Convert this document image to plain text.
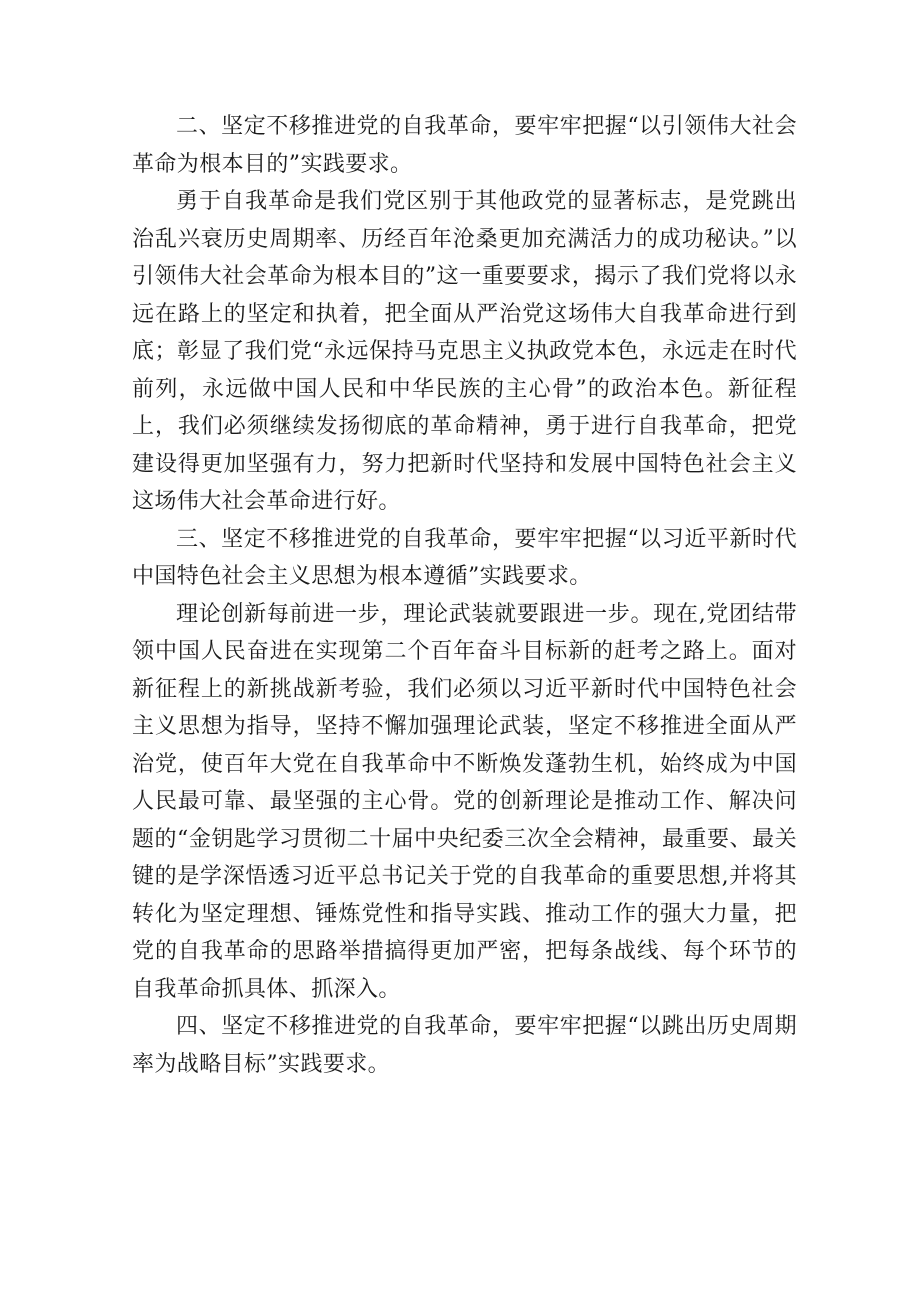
二、坚定不移推进党的自我革命，要牢牢把握“以引领伟大社会革命为根本目的”实践要求。

勇于自我革命是我们党区别于其他政党的显著标志，是党跳出治乱兴衰历史周期率、历经百年沧桑更加充满活力的成功秘诀。”以引领伟大社会革命为根本目的”这一重要要求，揭示了我们党将以永远在路上的坚定和执着，把全面从严治党这场伟大自我革命进行到底；彰显了我们党“永远保持马克思主义执政党本色，永远走在时代前列，永远做中国人民和中华民族的主心骨”的政治本色。新征程上，我们必须继续发扬彻底的革命精神，勇于进行自我革命，把党建设得更加坚强有力，努力把新时代坚持和发展中国特色社会主义这场伟大社会革命进行好。

三、坚定不移推进党的自我革命，要牢牢把握“以习近平新时代中国特色社会主义思想为根本遵循”实践要求。

理论创新每前进一步，理论武装就要跟进一步。现在,党团结带领中国人民奋进在实现第二个百年奋斗目标新的赶考之路上。面对新征程上的新挑战新考验，我们必须以习近平新时代中国特色社会主义思想为指导，坚持不懈加强理论武装，坚定不移推进全面从严治党，使百年大党在自我革命中不断焕发蓬勃生机，始终成为中国人民最可靠、最坚强的主心骨。党的创新理论是推动工作、解决问题的“金钥匙学习贯彻二十届中央纪委三次全会精神，最重要、最关键的是学深悟透习近平总书记关于党的自我革命的重要思想,并将其转化为坚定理想、锤炼党性和指导实践、推动工作的强大力量，把党的自我革命的思路举措搞得更加严密，把每条战线、每个环节的自我革命抓具体、抓深入。

四、坚定不移推进党的自我革命，要牢牢把握“以跳出历史周期率为战略目标”实践要求。
